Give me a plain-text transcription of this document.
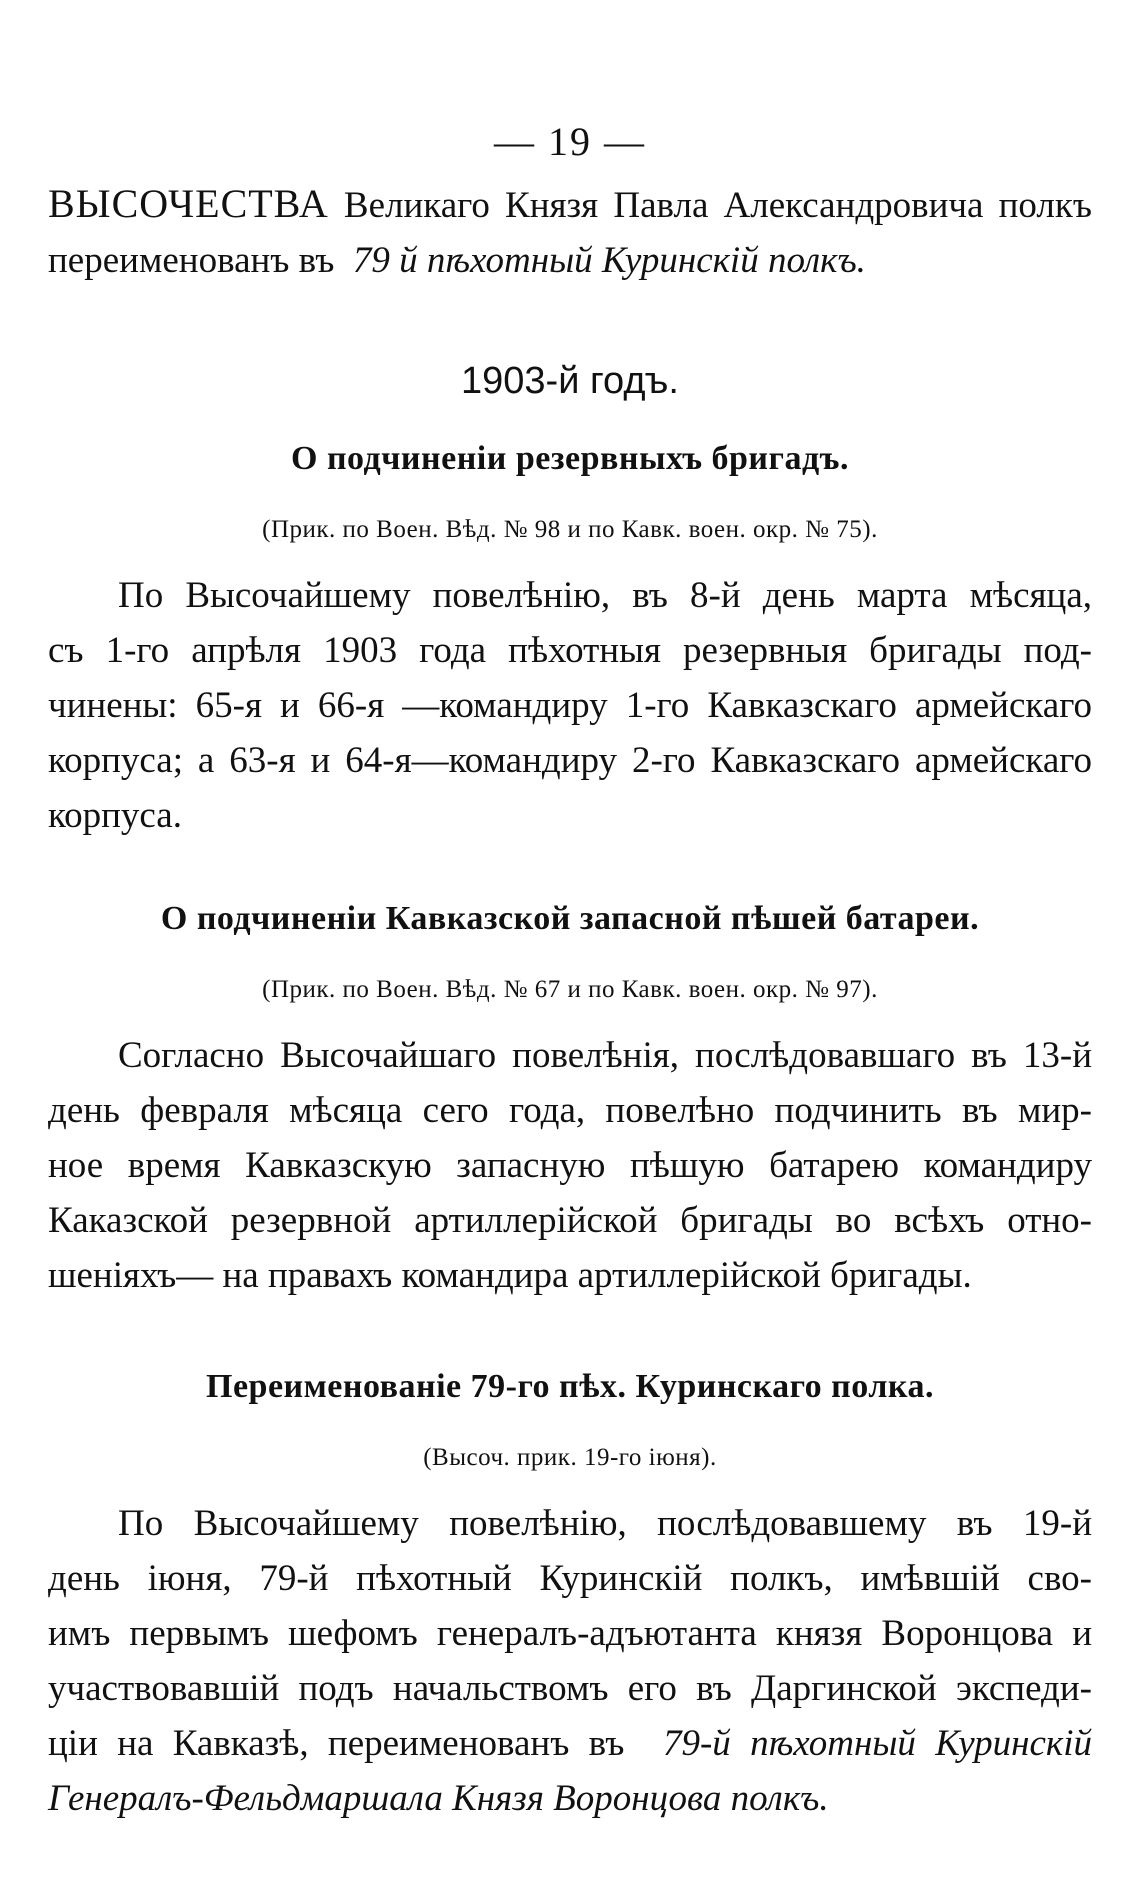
— 19 —
ВЫСОЧЕСТВА Великаго Князя Павла Александровича полкъ
переименованъ въ 79 й пѣхотный Куринскій полкъ.
1903-й годъ.
О подчиненіи резервныхъ бригадъ.
(Прик. по Воен. Вѣд. № 98 и по Кавк. воен. окр. № 75).
По Высочайшему повелѣнію, въ 8-й день марта мѣсяца,
съ 1-го апрѣля 1903 года пѣхотныя резервныя бригады под-
чинены: 65-я и 66-я —командиру 1-го Кавказскаго армейскаго
корпуса; а 63-я и 64-я—командиру 2-го Кавказскаго армейскаго
корпуса.
О подчиненіи Кавказской запасной пѣшей батареи.
(Прик. по Воен. Вѣд. № 67 и по Кавк. воен. окр. № 97).
Согласно Высочайшаго повелѣнія, послѣдовавшаго въ 13-й
день февраля мѣсяца сего года, повелѣно подчинить въ мир-
ное время Кавказскую запасную пѣшую батарею командиру
Каказской резервной артиллерійской бригады во всѣхъ отно-
шеніяхъ— на правахъ командира артиллерійской бригады.
Переименованіе 79-го пѣх. Куринскаго полка.
(Высоч. прик. 19-го іюня).
По Высочайшему повелѣнію, послѣдовавшему въ 19-й
день іюня, 79-й пѣхотный Куринскій полкъ, имѣвшій сво-
имъ первымъ шефомъ генералъ-адъютанта князя Воронцова и
участвовавшій подъ начальствомъ его въ Даргинской экспеди-
ціи на Кавказѣ, переименованъ въ 79-й пѣхотный Куринскій
Генералъ-Фельдмаршала Князя Воронцова полкъ.
